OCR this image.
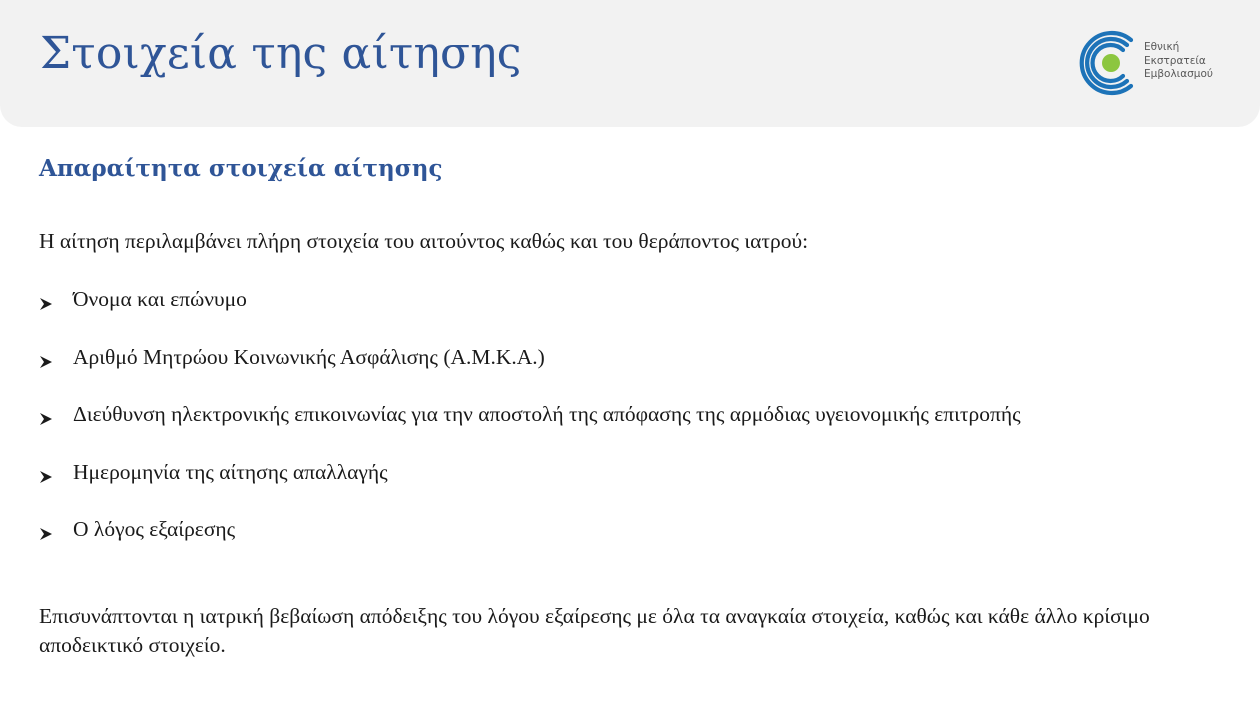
Στοιχεία της αίτησης	Εθνική
Εκστρατεία
Εμβολιασμού
Απαραίτητα στοιχεία αίτησης

Η αίτηση περιλαμβάνει πλήρη στοιχεία του αιτούντος καθώς και του θεράποντος ιατρού:

Όνομα και επώνυμο
Αριθμό Μητρώου Κοινωνικής Ασφάλισης (Α.Μ.Κ.Α.)
Διεύθυνση ηλεκτρονικής επικοινωνίας για την αποστολή της απόφασης της αρμόδιας υγειονομικής επιτροπής
Ημερομηνία της αίτησης απαλλαγής
Ο λόγος εξαίρεσης

Επισυνάπτονται η ιατρική βεβαίωση απόδειξης του λόγου εξαίρεσης με όλα τα αναγκαία στοιχεία, καθώς και κάθε άλλο κρίσιμο αποδεικτικό στοιχείο.
